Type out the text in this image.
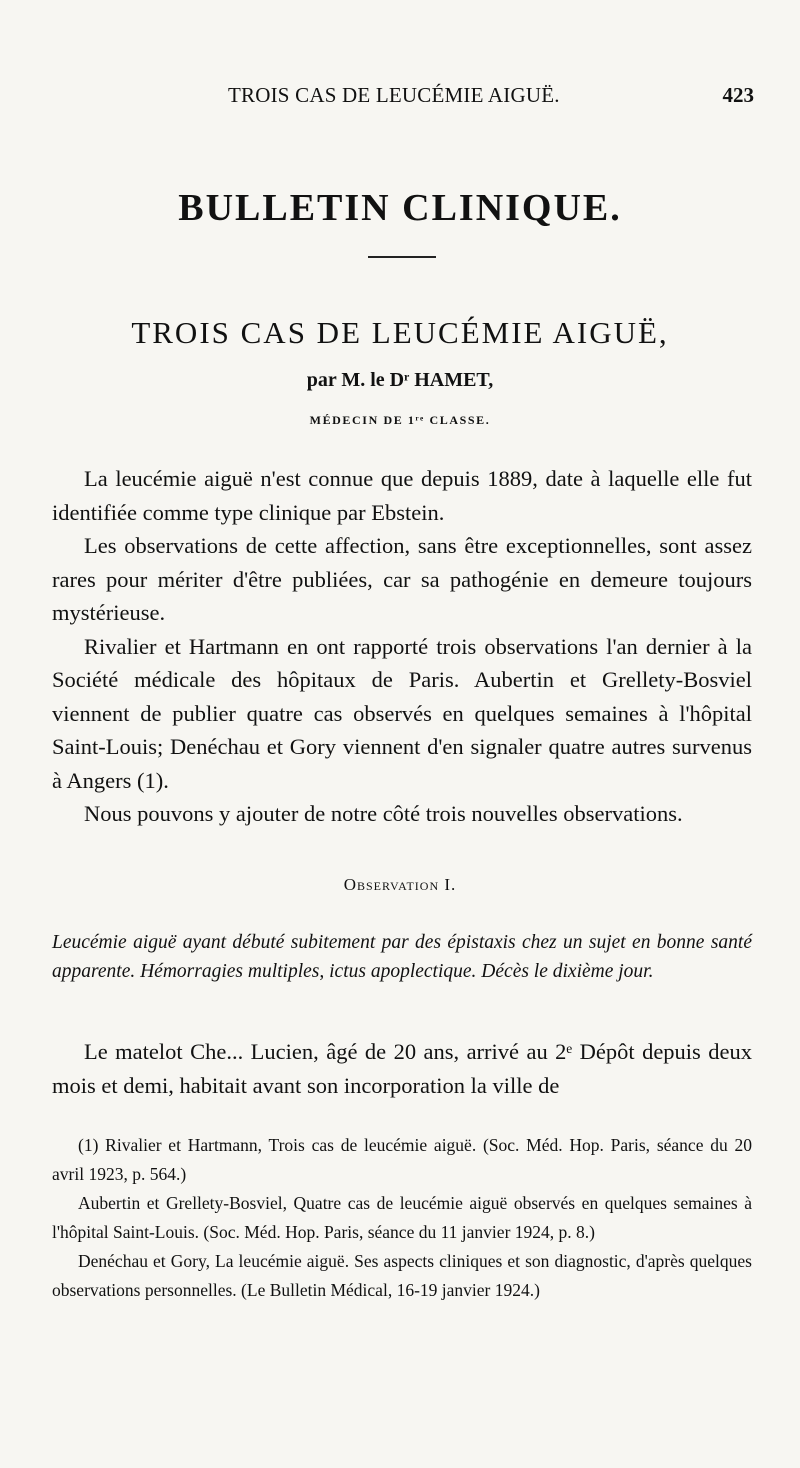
TROIS CAS DE LEUCÉMIE AIGUË.	423
BULLETIN CLINIQUE.
TROIS CAS DE LEUCÉMIE AIGUË,
par M. le Dʳ HAMET,
MÉDECIN DE 1ʳᵉ CLASSE.

La leucémie aiguë n'est connue que depuis 1889, date à laquelle elle fut identifiée comme type clinique par Ebstein.

Les observations de cette affection, sans être exceptionnelles, sont assez rares pour mériter d'être publiées, car sa pathogénie en demeure toujours mystérieuse.

Rivalier et Hartmann en ont rapporté trois observations l'an dernier à la Société médicale des hôpitaux de Paris. Aubertin et Grellety-Bosviel viennent de publier quatre cas observés en quelques semaines à l'hôpital Saint-Louis; Denéchau et Gory viennent d'en signaler quatre autres survenus à Angers (1).

Nous pouvons y ajouter de notre côté trois nouvelles observations.

Observation I.
Leucémie aiguë ayant débuté subitement par des épistaxis chez un sujet en bonne santé apparente. Hémorragies multiples, ictus apoplectique. Décès le dixième jour.
Le matelot Che... Lucien, âgé de 20 ans, arrivé au 2ᵉ Dépôt depuis deux mois et demi, habitait avant son incorporation la ville de

(1) Rivalier et Hartmann, Trois cas de leucémie aiguë. (Soc. Méd. Hop. Paris, séance du 20 avril 1923, p. 564.)

Aubertin et Grellety-Bosviel, Quatre cas de leucémie aiguë observés en quelques semaines à l'hôpital Saint-Louis. (Soc. Méd. Hop. Paris, séance du 11 janvier 1924, p. 8.)

Denéchau et Gory, La leucémie aiguë. Ses aspects cliniques et son diagnostic, d'après quelques observations personnelles. (Le Bulletin Médical, 16-19 janvier 1924.)
